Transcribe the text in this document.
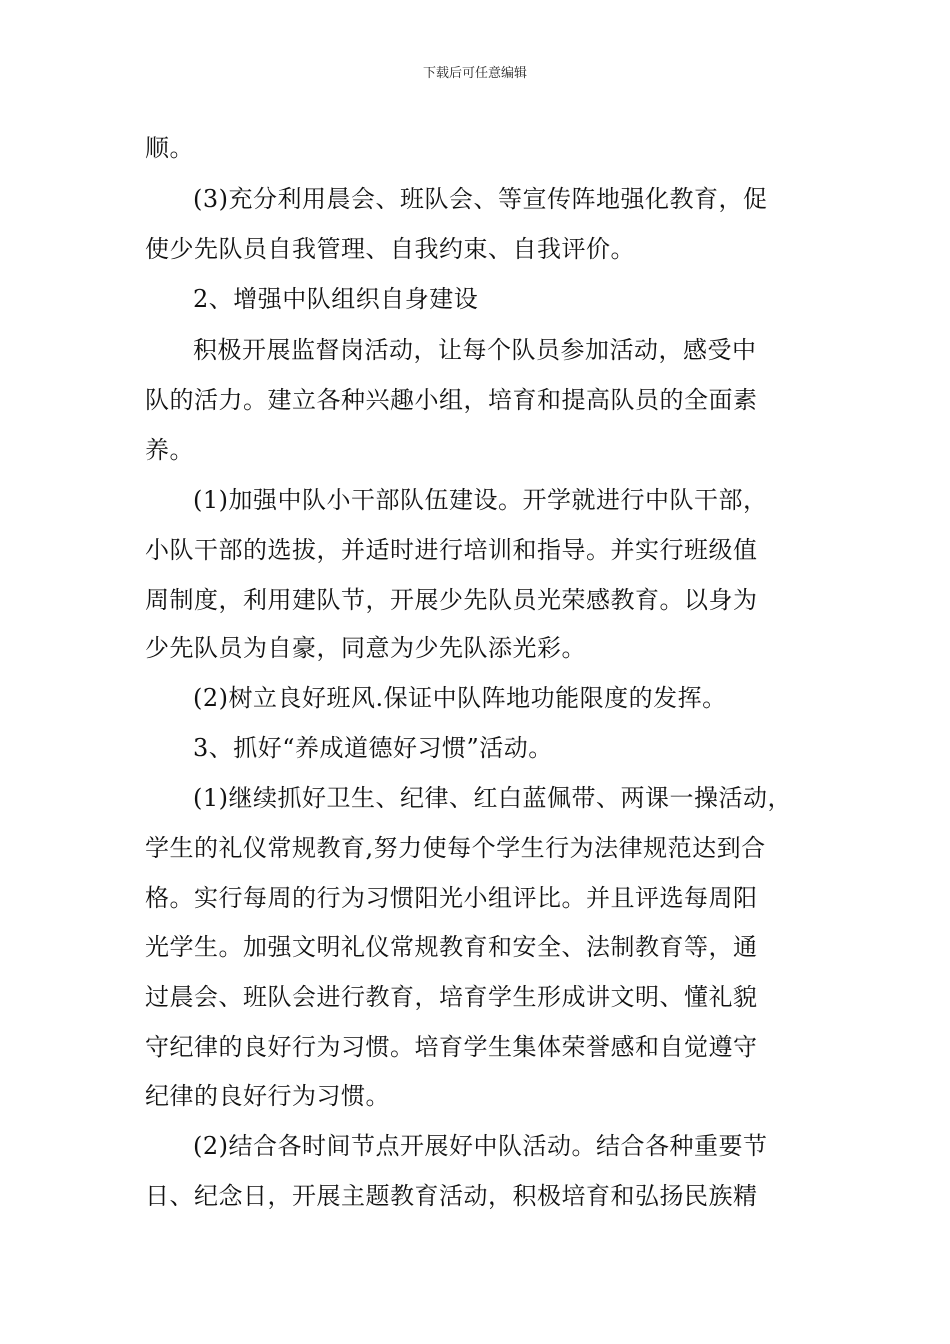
下载后可任意编辑
顺。
(3)充分利用晨会、班队会、等宣传阵地强化教育，促
使少先队员自我管理、自我约束、自我评价。
2、增强中队组织自身建设
积极开展监督岗活动，让每个队员参加活动，感受中
队的活力。建立各种兴趣小组，培育和提高队员的全面素
养。
(1)加强中队小干部队伍建设。开学就进行中队干部，
小队干部的选拔，并适时进行培训和指导。并实行班级值
周制度，利用建队节，开展少先队员光荣感教育。以身为
少先队员为自豪，同意为少先队添光彩。
(2)树立良好班风.保证中队阵地功能限度的发挥。
3、抓好“养成道德好习惯”活动。
(1)继续抓好卫生、纪律、红白蓝佩带、两课一操活动，
学生的礼仪常规教育,努力使每个学生行为法律规范达到合
格。实行每周的行为习惯阳光小组评比。并且评选每周阳
光学生。加强文明礼仪常规教育和安全、法制教育等，通
过晨会、班队会进行教育，培育学生形成讲文明、懂礼貌
守纪律的良好行为习惯。培育学生集体荣誉感和自觉遵守
纪律的良好行为习惯。
(2)结合各时间节点开展好中队活动。结合各种重要节
日、纪念日，开展主题教育活动，积极培育和弘扬民族精
